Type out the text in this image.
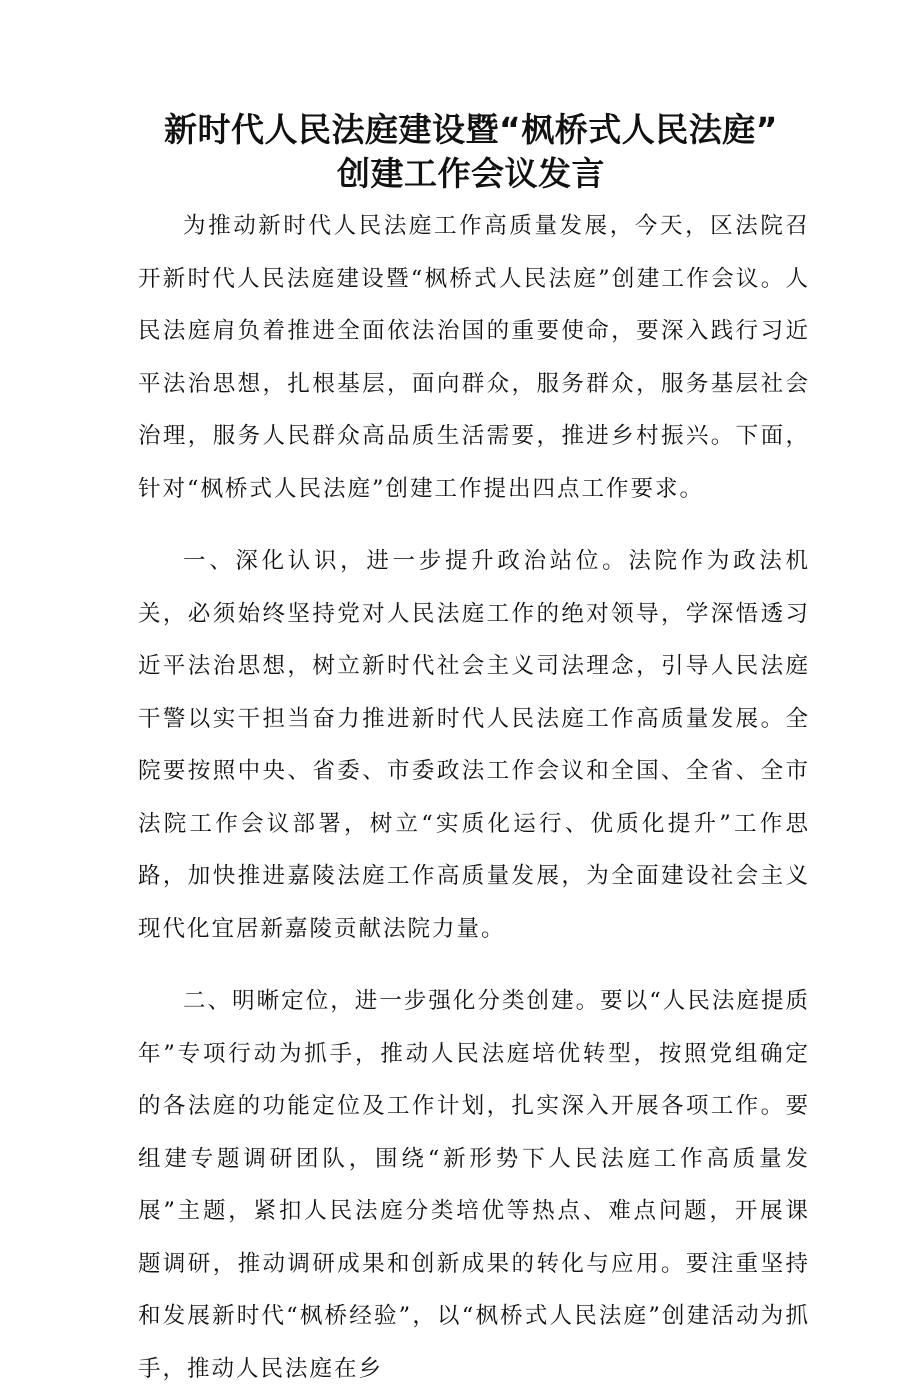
新时代人民法庭建设暨“枫桥式人民法庭”
创建工作会议发言

为推动新时代人民法庭工作高质量发展，今天，区法院召开新时代人民法庭建设暨“枫桥式人民法庭”创建工作会议。人民法庭肩负着推进全面依法治国的重要使命，要深入践行习近平法治思想，扎根基层，面向群众，服务群众，服务基层社会治理，服务人民群众高品质生活需要，推进乡村振兴。下面，针对“枫桥式人民法庭”创建工作提出四点工作要求。

一、深化认识，进一步提升政治站位。法院作为政法机关，必须始终坚持党对人民法庭工作的绝对领导，学深悟透习近平法治思想，树立新时代社会主义司法理念，引导人民法庭干警以实干担当奋力推进新时代人民法庭工作高质量发展。全院要按照中央、省委、市委政法工作会议和全国、全省、全市法院工作会议部署，树立“实质化运行、优质化提升”工作思路，加快推进嘉陵法庭工作高质量发展，为全面建设社会主义现代化宜居新嘉陵贡献法院力量。

二、明晰定位，进一步强化分类创建。要以“人民法庭提质年”专项行动为抓手，推动人民法庭培优转型，按照党组确定的各法庭的功能定位及工作计划，扎实深入开展各项工作。要组建专题调研团队，围绕“新形势下人民法庭工作高质量发展”主题，紧扣人民法庭分类培优等热点、难点问题，开展课题调研，推动调研成果和创新成果的转化与应用。要注重坚持和发展新时代“枫桥经验”，以“枫桥式人民法庭”创建活动为抓手，推动人民法庭在乡
